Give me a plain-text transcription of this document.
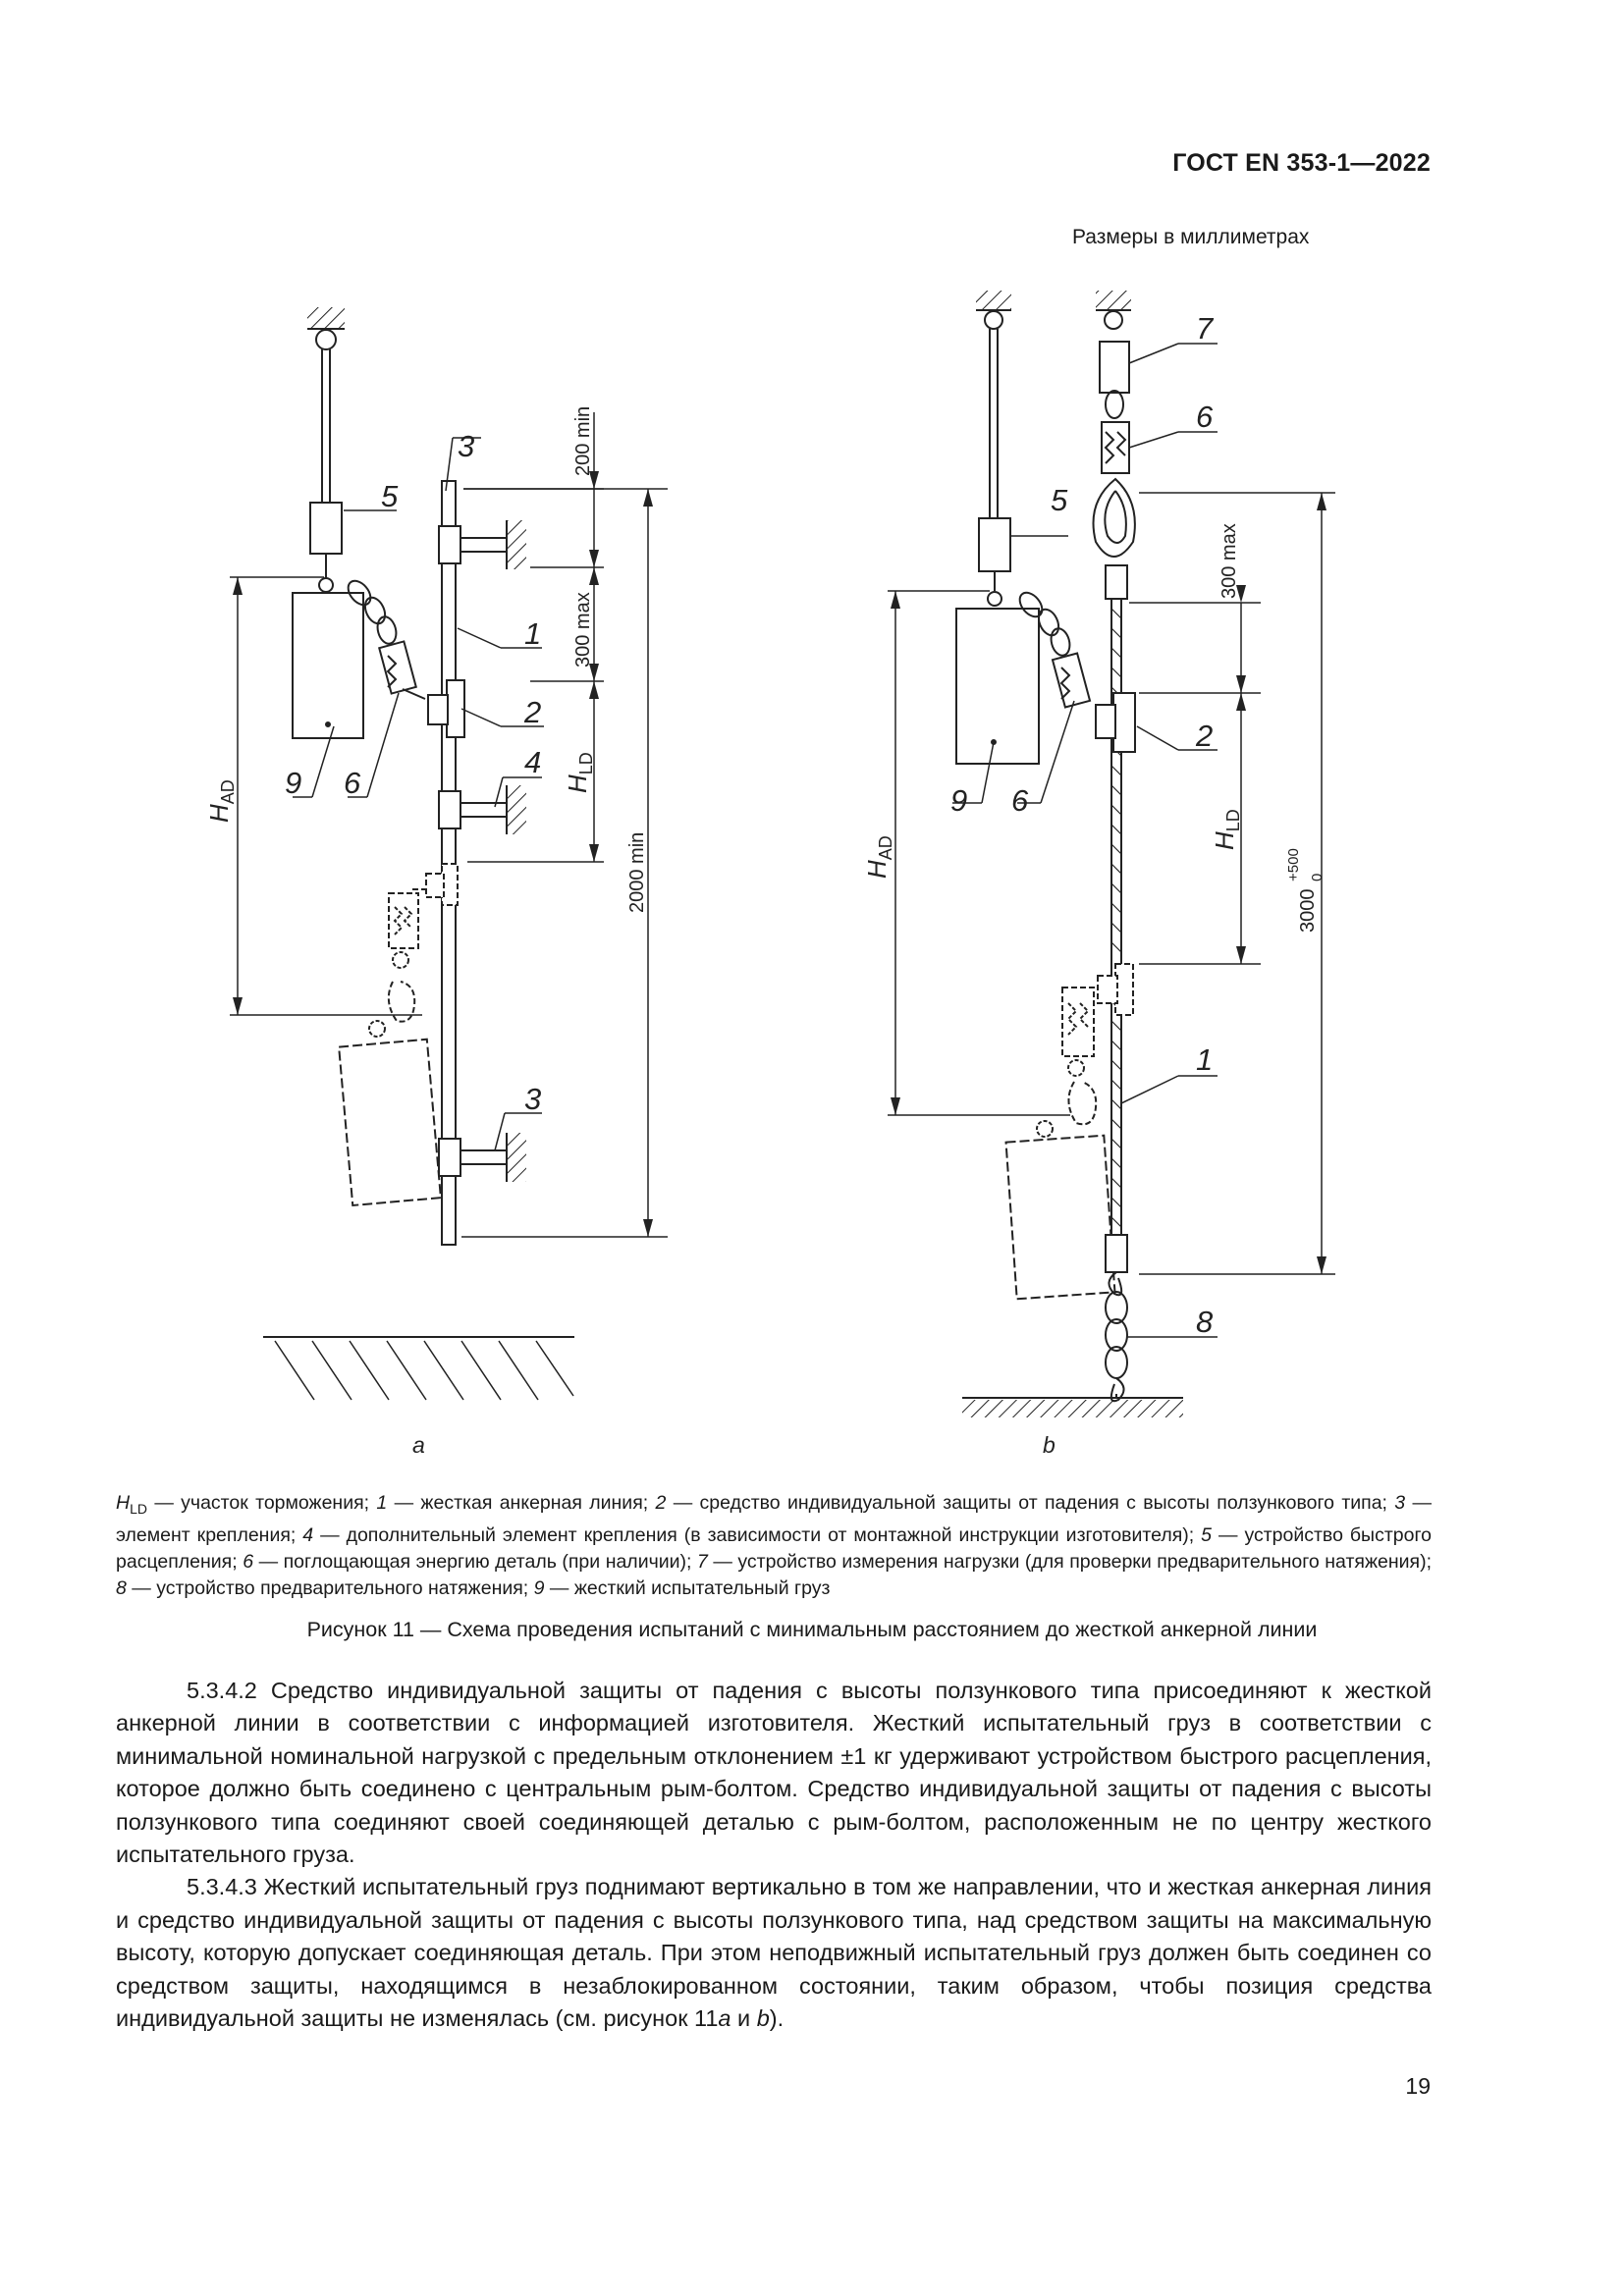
ГОСТ EN 353-1—2022
Размеры в миллиметрах
5
3
1
2
4
9 6
3
200 min
300 max
2000 min
$H_{AD}$	$H_{LD}$
a
7
6
5
2
9 6
1
8
300 max
3000
+500 0
$H_{AD}$	$H_{LD}$
b
$H_{LD}$ — участок торможения; 1 — жесткая анкерная линия; 2 — средство индивидуальной защиты от падения с высоты ползункового типа; 3 — элемент крепления; 4 — дополнительный элемент крепления (в зависимости от монтажной инструкции изготовителя); 5 — устройство быстрого расцепления; 6 — поглощающая энергию деталь (при наличии); 7 — устройство измерения нагрузки (для проверки предварительного натяжения); 8 — устройство предварительного натяжения; 9 — жесткий испытательный груз
Рисунок 11 — Схема проведения испытаний с минимальным расстоянием до жесткой анкерной линии

5.3.4.2 Средство индивидуальной защиты от падения с высоты ползункового типа присоединяют к жесткой анкерной линии в соответствии с информацией изготовителя. Жесткий испытательный груз в соответствии с минимальной номинальной нагрузкой с предельным отклонением ±1 кг удерживают устройством быстрого расцепления, которое должно быть соединено с центральным рым-болтом. Средство индивидуальной защиты от падения с высоты ползункового типа соединяют своей соединяющей деталью с рым-болтом, расположенным не по центру жесткого испытательного груза.

5.3.4.3 Жесткий испытательный груз поднимают вертикально в том же направлении, что и жесткая анкерная линия и средство индивидуальной защиты от падения с высоты ползункового типа, над средством защиты на максимальную высоту, которую допускает соединяющая деталь. При этом неподвижный испытательный груз должен быть соединен со средством защиты, находящимся в незаблокированном состоянии, таким образом, чтобы позиция средства индивидуальной защиты не изменялась (см. рисунок 11a и b).

19
